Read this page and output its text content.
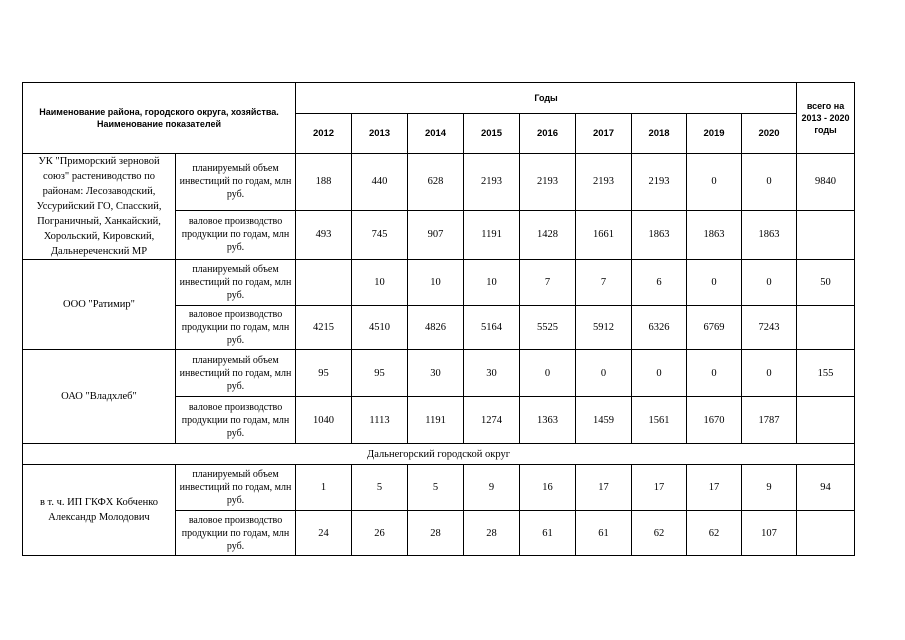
Наименование района, городского округа, хозяйства. Наименование показателей		Годы									всего на 2013 - 2020 годы
		2012	2013	2014	2015	2016	2017	2018	2019	2020	
УК "Приморский зерновой союз" растениводство по районам: Лесозаводский, Уссурийский ГО, Спасский, Пограничный, Ханкайский, Хорольский, Кировский, Дальнереченский МР	планируемый объем инвестиций по годам, млн руб.	188	440	628	2193	2193	2193	2193	0	0	9840
	валовое производство продукции по годам, млн руб.	493	745	907	1191	1428	1661	1863	1863	1863	
ООО "Ратимир"	планируемый объем инвестиций по годам, млн руб.		10	10	10	7	7	6	0	0	50
	валовое производство продукции по годам, млн руб.	4215	4510	4826	5164	5525	5912	6326	6769	7243	
ОАО "Владхлеб"	планируемый объем инвестиций по годам, млн руб.	95	95	30	30	0	0	0	0	0	155
	валовое производство продукции по годам, млн руб.	1040	1113	1191	1274	1363	1459	1561	1670	1787	
Дальнегорский городской округ											
в т. ч. ИП ГКФХ Кобченко Александр Молодович	планируемый объем инвестиций по годам, млн руб.	1	5	5	9	16	17	17	17	9	94
	валовое производство продукции по годам, млн руб.	24	26	28	28	61	61	62	62	107	
